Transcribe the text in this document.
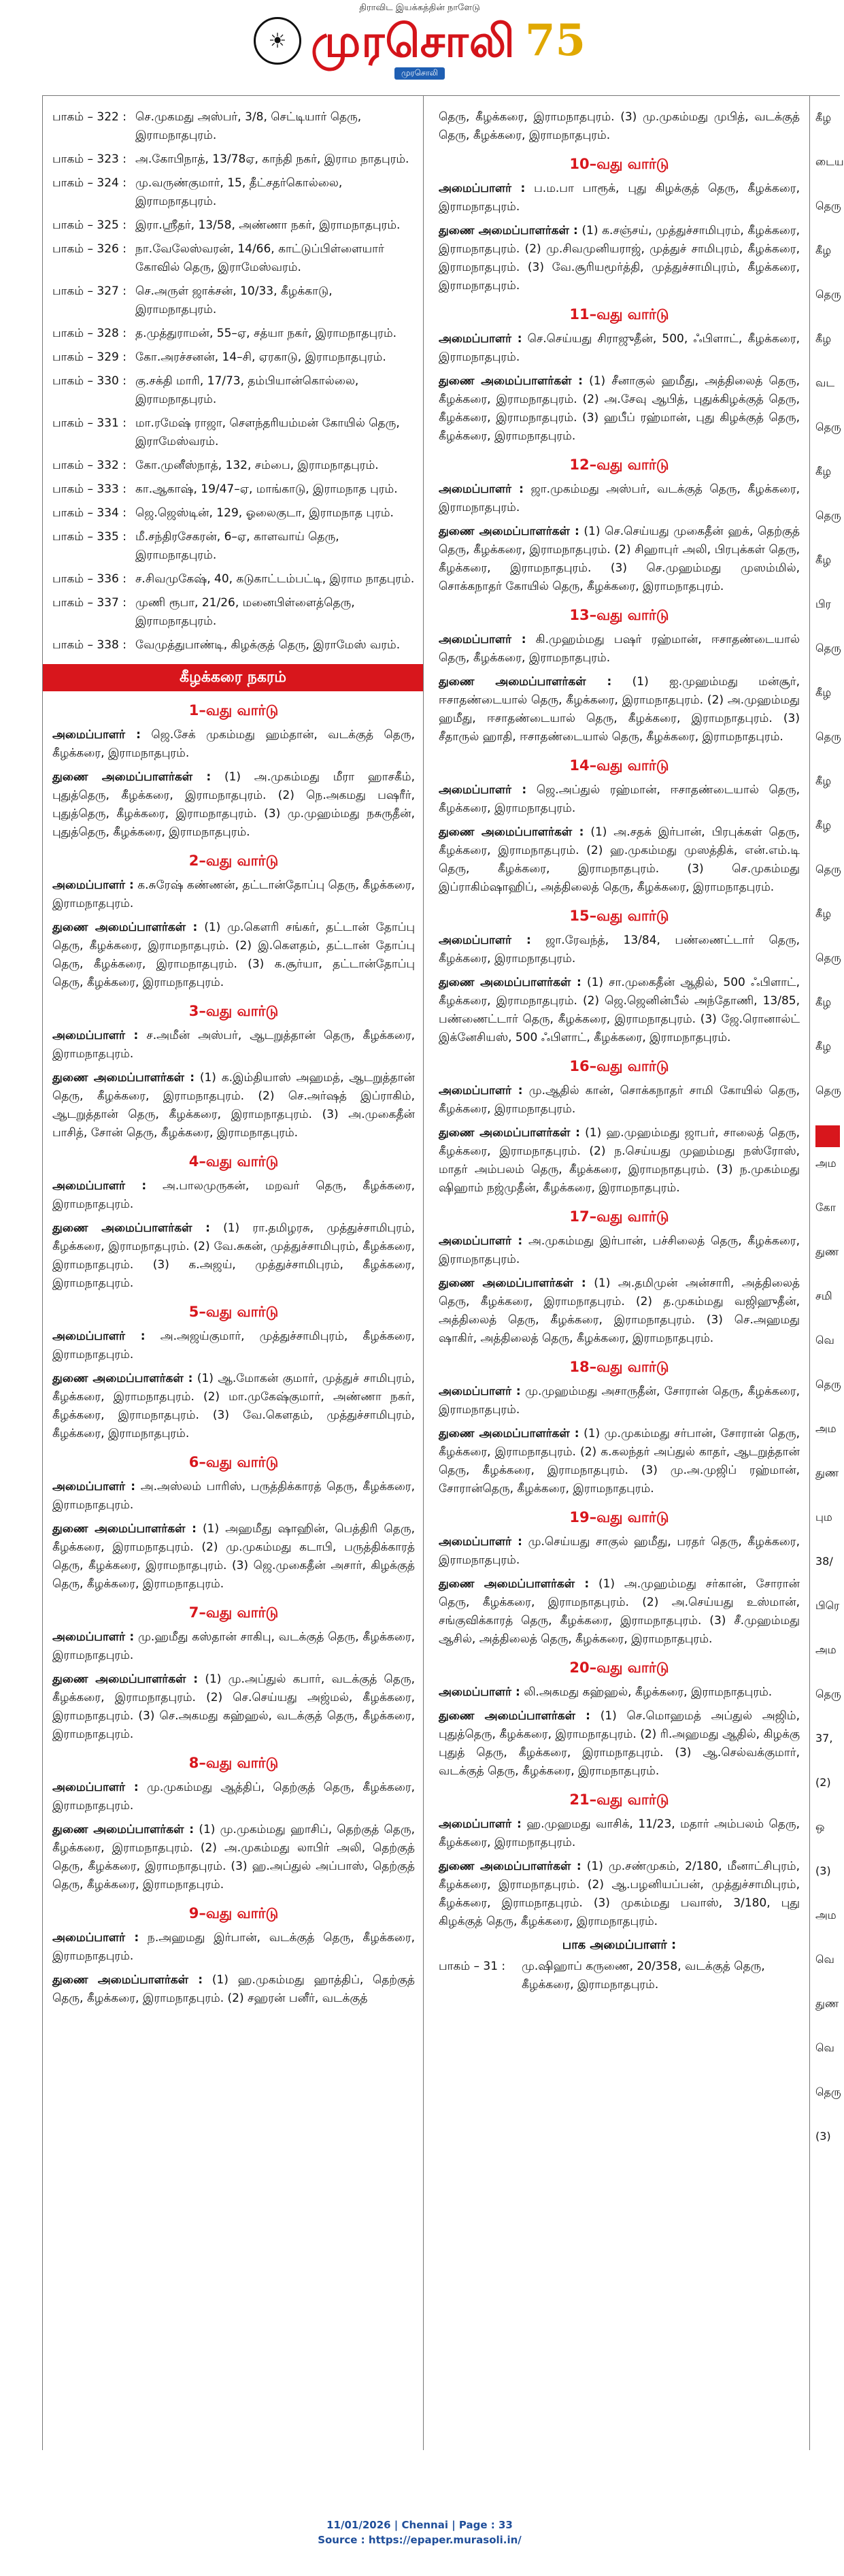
திராவிட இயக்கத்தின் நாளேடு
☀ முரசொலி 75
முரசொலி
பாகம் – 322 : செ.முகமது அஸ்பர், 3/8, செட்டியார் தெரு, இராமநாதபுரம்.
பாகம் – 323 : அ.கோபிநாத், 13/78ஏ, காந்தி நகர், இராம நாதபுரம்.
பாகம் – 324 : மு.வருண்குமார், 15, தீட்சதர்கொல்லை, இராமநாதபுரம்.
பாகம் – 325 : இரா.ஸ்ரீதர், 13/58, அண்ணா நகர், இராமநாதபுரம்.
பாகம் – 326 : நா.வேலேஸ்வரன், 14/66, காட்டுப்பிள்ளையார் கோவில் தெரு, இராமேஸ்வரம்.
பாகம் – 327 : செ.அருள் ஜாக்சன், 10/33, கீழக்காடு, இராமநாதபுரம்.
பாகம் – 328 : த.முத்துராமன், 55–ஏ, சத்யா நகர், இராமநாதபுரம்.
பாகம் – 329 : கோ.அரச்சனன், 14–சி, ஏரகாடு, இராமநாதபுரம்.
பாகம் – 330 : கு.சக்தி மாரி, 17/73, தம்பியான்கொல்லை, இராமநாதபுரம்.
பாகம் – 331 : மா.ரமேஷ் ராஜா, சௌந்தரியம்மன் கோயில் தெரு, இராமேஸ்வரம்.
பாகம் – 332 : கோ.முனீஸ்நாத், 132, சம்பை, இராமநாதபுரம்.
பாகம் – 333 : கா.ஆகாஷ், 19/47–ஏ, மாங்காடு, இராமநாத புரம்.
பாகம் – 334 : ஜெ.ஜெஸ்டின், 129, ஓலைகுடா, இராமநாத புரம்.
பாகம் – 335 : மீ.சந்திரசேகரன், 6–ஏ, காளவாய் தெரு, இராமநாதபுரம்.
பாகம் – 336 : ச.சிவமுகேஷ், 40, கடுகாட்டம்பட்டி, இராம நாதபுரம்.
பாகம் – 337 : முணி ரூபா, 21/26, மனைபிள்ளைத்தெரு, இராமநாதபுரம்.
பாகம் – 338 : வேமுத்துபாண்டி, கிழக்குத் தெரு, இராமேஸ் வரம்.
கீழக்கரை நகரம்
1–வது வார்டு

அமைப்பாளர் : ஜெ.சேக் முகம்மது ஹம்தான், வடக்குத் தெரு, கீழக்கரை, இராமநாதபுரம்.

துணை அமைப்பாளர்கள் : (1) அ.முகம்மது மீரா ஹாசகீம், புதுத்தெரு, கீழக்கரை, இராமநாதபுரம். (2) நெ.அகமது பஷரீர், புதுத்தெரு, கீழக்கரை, இராமநாதபுரம். (3) மு.முஹம்மது நசுருதீன், புதுத்தெரு, கீழக்கரை, இராமநாதபுரம்.

2–வது வார்டு

அமைப்பாளர் : க.சுரேஷ் கண்ணன், தட்டான்தோப்பு தெரு, கீழக்கரை, இராமநாதபுரம்.

துணை அமைப்பாளர்கள் : (1) மு.கௌரி சங்கர், தட்டான் தோப்பு தெரு, கீழக்கரை, இராமநாதபுரம். (2) இ.கௌதம், தட்டான் தோப்பு தெரு, கீழக்கரை, இராமநாதபுரம். (3) க.சூர்யா, தட்டான்தோப்பு தெரு, கீழக்கரை, இராமநாதபுரம்.

3–வது வார்டு

அமைப்பாளர் : ச.அமீன் அஸ்பர், ஆடறுத்தான் தெரு, கீழக்கரை, இராமநாதபுரம்.

துணை அமைப்பாளர்கள் : (1) க.இம்தியாஸ் அஹமத், ஆடறுத்தான் தெரு, கீழக்கரை, இராமநாதபுரம். (2) செ.அர்ஷத் இப்ராகிம், ஆடறுத்தான் தெரு, கீழக்கரை, இராமநாதபுரம். (3) அ.முகைதீன் பாசித், சோன் தெரு, கீழக்கரை, இராமநாதபுரம்.

4–வது வார்டு

அமைப்பாளர் : அ.பாலமுருகன், மறவர் தெரு, கீழக்கரை, இராமநாதபுரம்.

துணை அமைப்பாளர்கள் : (1) ரா.தமிழரசு, முத்துச்சாமிபுரம், கீழக்கரை, இராமநாதபுரம். (2) வே.சுகன், முத்துச்சாமிபுரம், கீழக்கரை, இராமநாதபுரம். (3) க.அஜய், முத்துச்சாமிபுரம், கீழக்கரை, இராமநாதபுரம்.

5–வது வார்டு

அமைப்பாளர் : அ.அஜய்குமார், முத்துச்சாமிபுரம், கீழக்கரை, இராமநாதபுரம்.

துணை அமைப்பாளர்கள் : (1) ஆ.மோகன் குமார், முத்துச் சாமிபுரம், கீழக்கரை, இராமநாதபுரம். (2) மா.முகேஷ்குமார், அண்ணா நகர், கீழக்கரை, இராமநாதபுரம். (3) வே.கௌதம், முத்துச்சாமிபுரம், கீழக்கரை, இராமநாதபுரம்.

6–வது வார்டு

அமைப்பாளர் : அ.அஸ்லம் பாரிஸ், பருத்திக்காரத் தெரு, கீழக்கரை, இராமநாதபுரம்.

துணை அமைப்பாளர்கள் : (1) அஹமீது ஷாஹின், பெத்திரி தெரு, கீழக்கரை, இராமநாதபுரம். (2) மு.முகம்மது கடாபி, பருத்திக்காரத் தெரு, கீழக்கரை, இராமநாதபுரம். (3) ஜெ.முகைதீன் அசார், கிழக்குத் தெரு, கீழக்கரை, இராமநாதபுரம்.

7–வது வார்டு

அமைப்பாளர் : மு.ஹமீது கஸ்தான் சாகிபு, வடக்குத் தெரு, கீழக்கரை, இராமநாதபுரம்.

துணை அமைப்பாளர்கள் : (1) மு.அப்துல் கபார், வடக்குத் தெரு, கீழக்கரை, இராமநாதபுரம். (2) செ.செய்யது அஜ்மல், கீழக்கரை, இராமநாதபுரம். (3) செ.அகமது கஹ்ஹல், வடக்குத் தெரு, கீழக்கரை, இராமநாதபுரம்.

8–வது வார்டு

அமைப்பாளர் : மு.முகம்மது ஆத்திப், தெற்குத் தெரு, கீழக்கரை, இராமநாதபுரம்.

துணை அமைப்பாளர்கள் : (1) மு.முகம்மது ஹாசிப், தெற்குத் தெரு, கீழக்கரை, இராமநாதபுரம். (2) அ.முகம்மது லாபிர் அலி, தெற்குத் தெரு, கீழக்கரை, இராமநாதபுரம். (3) ஹ.அப்துல் அப்பாஸ், தெற்குத் தெரு, கீழக்கரை, இராமநாதபுரம்.

9–வது வார்டு

அமைப்பாளர் : ந.அஹமது இர்பான், வடக்குத் தெரு, கீழக்கரை, இராமநாதபுரம்.

துணை அமைப்பாளர்கள் : (1) ஹ.முகம்மது ஹாத்திப், தெற்குத் தெரு, கீழக்கரை, இராமநாதபுரம். (2) சஹரன் பனீர், வடக்குத்

தெரு, கீழக்கரை, இராமநாதபுரம். (3) மு.முகம்மது முபித், வடக்குத் தெரு, கீழக்கரை, இராமநாதபுரம்.

10–வது வார்டு

அமைப்பாளர் : ப.ம.பா பாரூக், புது கிழக்குத் தெரு, கீழக்கரை, இராமநாதபுரம்.

துணை அமைப்பாளர்கள் : (1) க.சஞ்சய், முத்துச்சாமிபுரம், கீழக்கரை, இராமநாதபுரம். (2) மு.சிவமுனியராஜ், முத்துச் சாமிபுரம், கீழக்கரை, இராமநாதபுரம். (3) வே.சூரியமூர்த்தி, முத்துச்சாமிபுரம், கீழக்கரை, இராமநாதபுரம்.

11–வது வார்டு

அமைப்பாளர் : செ.செய்யது சிராஜுதீன், 500, ஃபிளாட், கீழக்கரை, இராமநாதபுரம்.

துணை அமைப்பாளர்கள் : (1) சீனாகுல் ஹமீது, அத்திலைத் தெரு, கீழக்கரை, இராமநாதபுரம். (2) அ.சேவு ஆபித், புதுக்கிழக்குத் தெரு, கீழக்கரை, இராமநாதபுரம். (3) ஹபீப் ரஹ்மான், புது கிழக்குத் தெரு, கீழக்கரை, இராமநாதபுரம்.

12–வது வார்டு

அமைப்பாளர் : ஜா.முகம்மது அஸ்பர், வடக்குத் தெரு, கீழக்கரை, இராமநாதபுரம்.

துணை அமைப்பாளர்கள் : (1) செ.செய்யது முகைதீன் ஹக், தெற்குத் தெரு, கீழக்கரை, இராமநாதபுரம். (2) சிஹாபுர் அலி, பிரபுக்கள் தெரு, கீழக்கரை, இராமநாதபுரம். (3) செ.முஹம்மது முஸம்மில், சொக்கநாதர் கோயில் தெரு, கீழக்கரை, இராமநாதபுரம்.

13–வது வார்டு

அமைப்பாளர் : கி.முஹம்மது பஷர் ரஹ்மான், ஈசாதண்டையால் தெரு, கீழக்கரை, இராமநாதபுரம்.

துணை அமைப்பாளர்கள் : (1) ஐ.முஹம்மது மன்சூர், ஈசாதண்டையால் தெரு, கீழக்கரை, இராமநாதபுரம். (2) அ.முஹம்மது ஹமீது, ஈசாதண்டையால் தெரு, கீழக்கரை, இராமநாதபுரம். (3) சீதாருல் ஹாதி, ஈசாதண்டையால் தெரு, கீழக்கரை, இராமநாதபுரம்.

14–வது வார்டு

அமைப்பாளர் : ஜெ.அப்துல் ரஹ்மான், ஈசாதண்டையால் தெரு, கீழக்கரை, இராமநாதபுரம்.

துணை அமைப்பாளர்கள் : (1) அ.சதக் இர்பான், பிரபுக்கள் தெரு, கீழக்கரை, இராமநாதபுரம். (2) ஹ.முகம்மது முஸத்திக், என்.எம்.டி தெரு, கீழக்கரை, இராமநாதபுரம். (3) செ.முகம்மது இப்ராகிம்ஷாஹிப், அத்திலைத் தெரு, கீழக்கரை, இராமநாதபுரம்.

15–வது வார்டு

அமைப்பாளர் : ஜா.ரேவந்த், 13/84, பண்ணைட்டார் தெரு, கீழக்கரை, இராமநாதபுரம்.

துணை அமைப்பாளர்கள் : (1) சா.முகைதீன் ஆதில், 500 ஃபிளாட், கீழக்கரை, இராமநாதபுரம். (2) ஜெ.ஜெனின்பீல் அந்தோணி, 13/85, பண்ணைட்டார் தெரு, கீழக்கரை, இராமநாதபுரம். (3) ஜே.ரொனால்ட் இக்னேசியஸ், 500 ஃபிளாட், கீழக்கரை, இராமநாதபுரம்.

16–வது வார்டு

அமைப்பாளர் : மு.ஆதில் கான், சொக்கநாதர் சாமி கோயில் தெரு, கீழக்கரை, இராமநாதபுரம்.

துணை அமைப்பாளர்கள் : (1) ஹ.முஹம்மது ஜாபர், சாலைத் தெரு, கீழக்கரை, இராமநாதபுரம். (2) ந.செய்யது முஹம்மது நஸ்ரோஸ், மாதர் அம்பலம் தெரு, கீழக்கரை, இராமநாதபுரம். (3) ந.முகம்மது ஷிஹாம் நஜ்முதீன், கீழக்கரை, இராமநாதபுரம்.

17–வது வார்டு

அமைப்பாளர் : அ.முகம்மது இர்பான், பச்சிலைத் தெரு, கீழக்கரை, இராமநாதபுரம்.

துணை அமைப்பாளர்கள் : (1) அ.தமிமுன் அன்சாரி, அத்திலைத் தெரு, கீழக்கரை, இராமநாதபுரம். (2) த.முகம்மது வஜிஹுதீன், அத்திலைத் தெரு, கீழக்கரை, இராமநாதபுரம். (3) செ.அஹமது ஷாகிர், அத்திலைத் தெரு, கீழக்கரை, இராமநாதபுரம்.

18–வது வார்டு

அமைப்பாளர் : மு.முஹம்மது அசாருதீன், சோரான் தெரு, கீழக்கரை, இராமநாதபுரம்.

துணை அமைப்பாளர்கள் : (1) மு.முகம்மது சர்பான், சோரான் தெரு, கீழக்கரை, இராமநாதபுரம். (2) க.கலந்தர் அப்துல் காதர், ஆடறுத்தான் தெரு, கீழக்கரை, இராமநாதபுரம். (3) மு.அ.முஜிப் ரஹ்மான், சோரான்தெரு, கீழக்கரை, இராமநாதபுரம்.

19–வது வார்டு

அமைப்பாளர் : மு.செய்யது சாகுல் ஹமீது, பரதர் தெரு, கீழக்கரை, இராமநாதபுரம்.

துணை அமைப்பாளர்கள் : (1) அ.முஹம்மது சர்கான், சோரான் தெரு, கீழக்கரை, இராமநாதபுரம். (2) அ.செய்யது உஸ்மான், சங்குவிக்காரத் தெரு, கீழக்கரை, இராமநாதபுரம். (3) சீ.முஹம்மது ஆசில், அத்திலைத் தெரு, கீழக்கரை, இராமநாதபுரம்.

20–வது வார்டு

அமைப்பாளர் : லி.அகமது கஹ்ஹல், கீழக்கரை, இராமநாதபுரம்.

துணை அமைப்பாளர்கள் : (1) செ.மொஹமத் அப்துல் அஜிம், புதுத்தெரு, கீழக்கரை, இராமநாதபுரம். (2) ரி.அஹமது ஆதில், கிழக்கு புதுத் தெரு, கீழக்கரை, இராமநாதபுரம். (3) ஆ.செல்வக்குமார், வடக்குத் தெரு, கீழக்கரை, இராமநாதபுரம்.

21–வது வார்டு

அமைப்பாளர் : ஹ.முஹமது வாசிக், 11/23, மதார் அம்பலம் தெரு, கீழக்கரை, இராமநாதபுரம்.

துணை அமைப்பாளர்கள் : (1) மு.சண்முகம், 2/180, மீனாட்சிபுரம், கீழக்கரை, இராமநாதபுரம். (2) ஆ.பழனியப்பன், முத்துச்சாமிபுரம், கீழக்கரை, இராமநாதபுரம். (3) முகம்மது பவாஸ், 3/180, புது கிழக்குத் தெரு, கீழக்கரை, இராமநாதபுரம்.

பாக அமைப்பாளர் :
பாகம் – 31 :	மு.ஷிஹாப் கருணை, 20/358, வடக்குத் தெரு, கீழக்கரை, இராமநாதபுரம்.
கீழ
டைய
தெரு
கீழ
தெரு
கீழ
வட
தெரு
கீழ
தெரு
கீழ
பிர
தெரு
கீழ
தெரு
கீழ
கீழ
தெரு
கீழ
தெரு
கீழ
கீழ
தெரு
அம
கோ
துண
சமி
வெ
தெரு
அம
துண
பும
38/
பிரெ
அம
தெரு
37,
(2)
ஒ
(3)
அம
வெ
துண
வெ
தெரு
(3)
11/01/2026 | Chennai | Page : 33
Source : https://epaper.murasoli.in/
